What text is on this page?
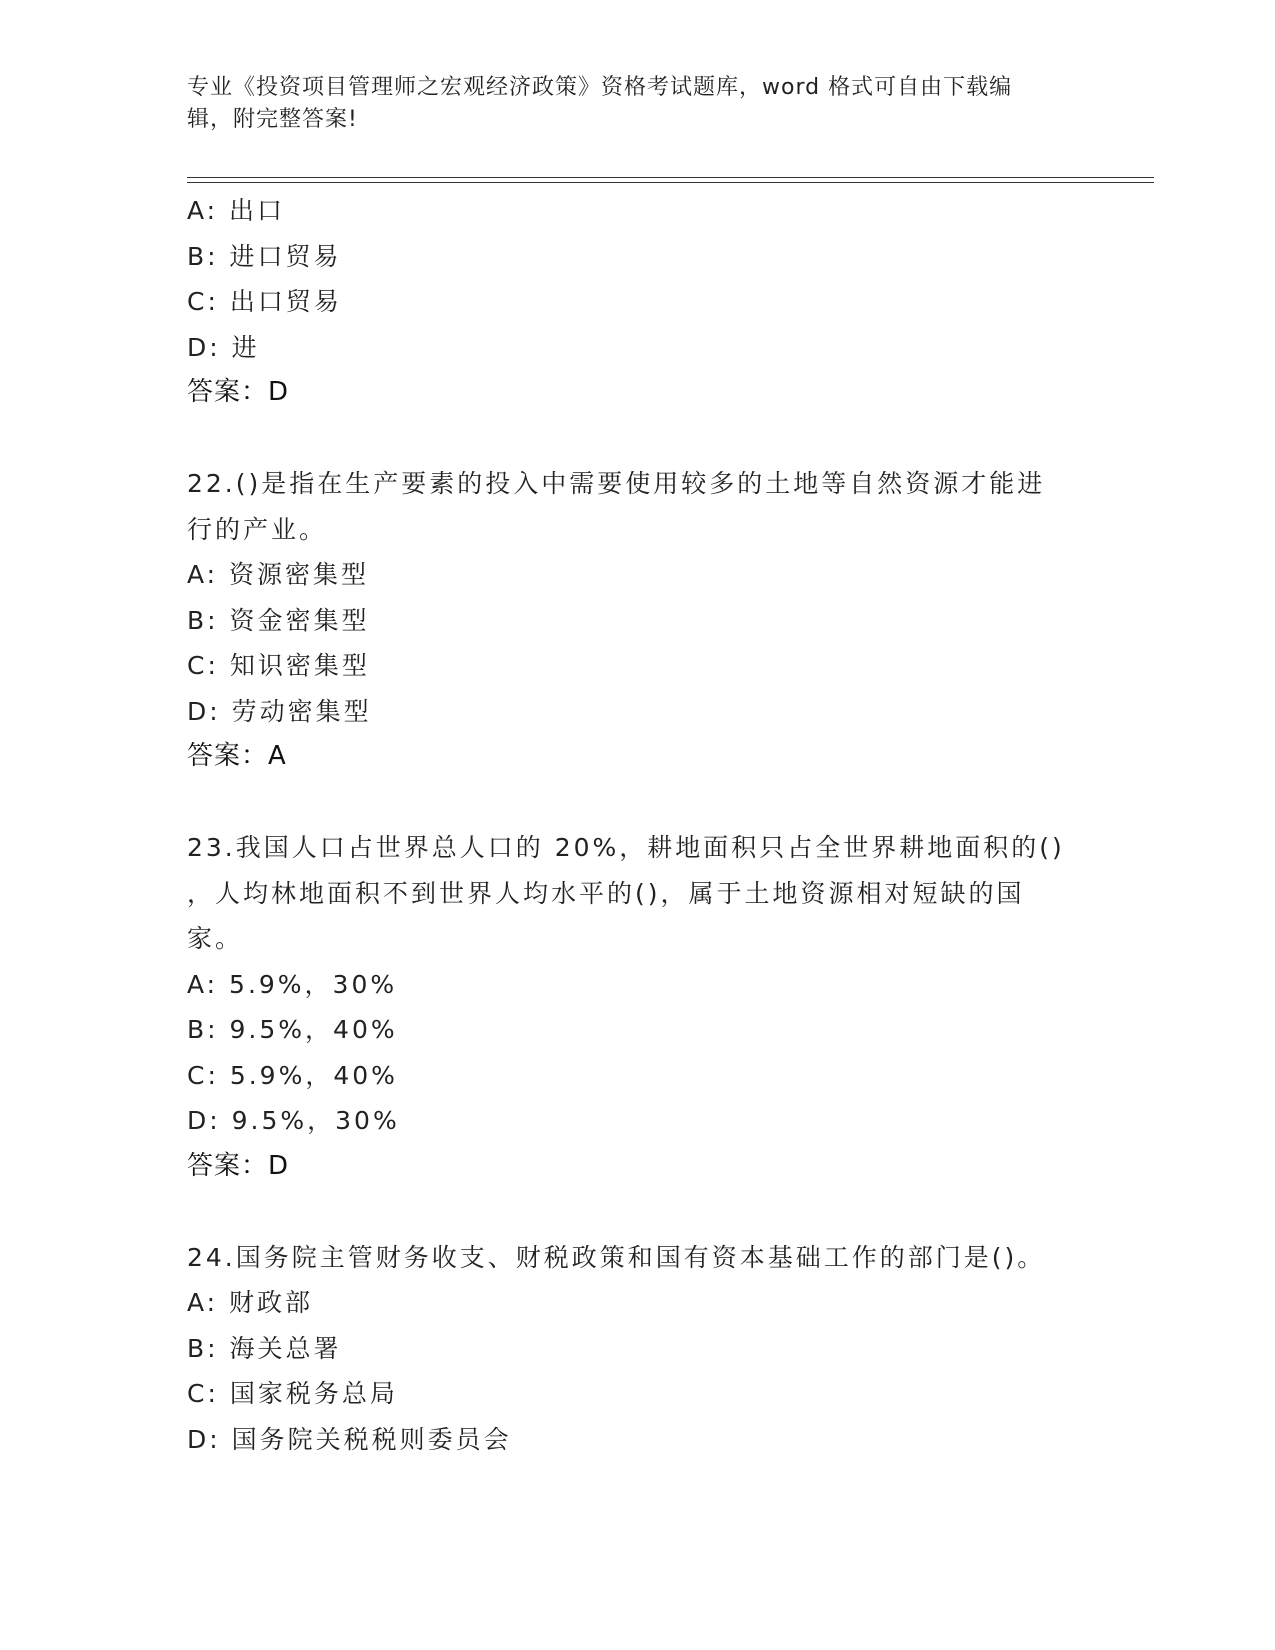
专业《投资项目管理师之宏观经济政策》资格考试题库，word 格式可自由下载编
辑，附完整答案!
A: 出口
B: 进口贸易
C: 出口贸易
D: 进
答案：D
22.()是指在生产要素的投入中需要使用较多的土地等自然资源才能进
行的产业。
A: 资源密集型
B: 资金密集型
C: 知识密集型
D: 劳动密集型
答案：A
23.我国人口占世界总人口的 20%，耕地面积只占全世界耕地面积的()
，人均林地面积不到世界人均水平的()，属于土地资源相对短缺的国
家。
A: 5.9%，30%
B: 9.5%，40%
C: 5.9%，40%
D: 9.5%，30%
答案：D
24.国务院主管财务收支、财税政策和国有资本基础工作的部门是()。
A: 财政部
B: 海关总署
C: 国家税务总局
D: 国务院关税税则委员会
